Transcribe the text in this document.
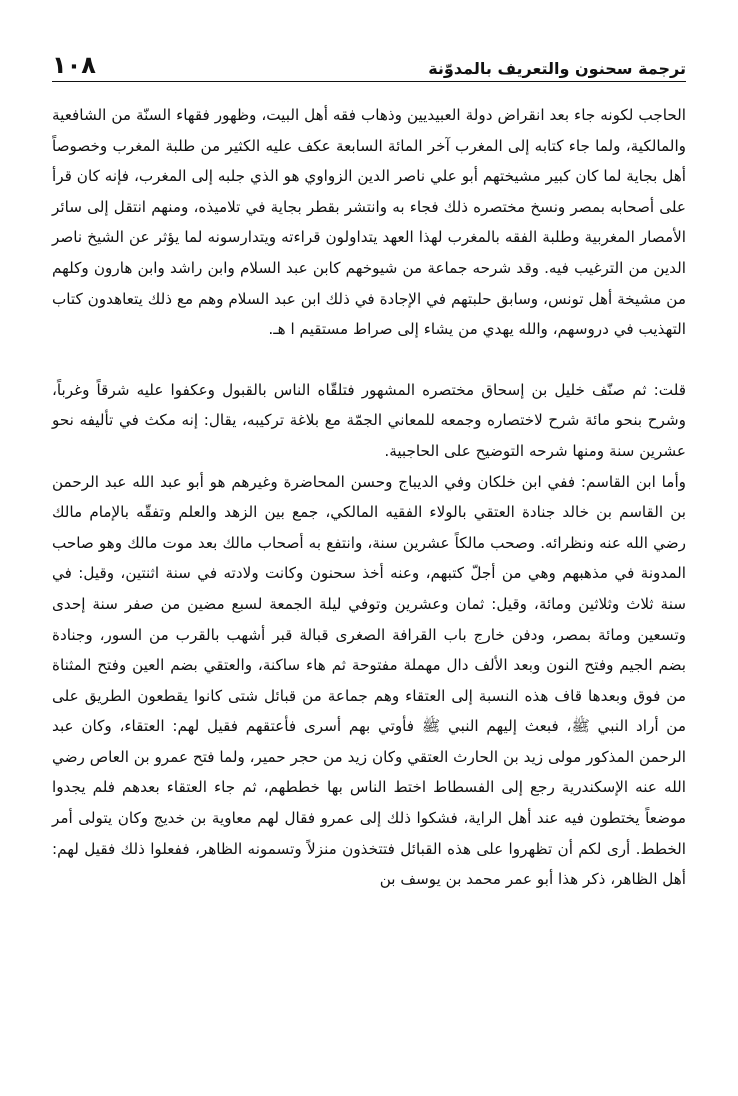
١٠٨	ترجمة سحنون والتعريف بالمدوّنة

الحاجب لكونه جاء بعد انقراض دولة العبيديين وذهاب فقه أهل البيت، وظهور فقهاء السنّة من الشافعية والمالكية، ولما جاء كتابه إلى المغرب آخر المائة السابعة عكف عليه الكثير من طلبة المغرب وخصوصاً أهل بجاية لما كان كبير مشيختهم أبو علي ناصر الدين الزواوي هو الذي جلبه إلى المغرب، فإنه كان قرأ على أصحابه بمصر ونسخ مختصره ذلك فجاء به وانتشر بقطر بجاية في تلاميذه، ومنهم انتقل إلى سائر الأمصار المغربية وطلبة الفقه بالمغرب لهذا العهد يتداولون قراءته ويتدارسونه لما يؤثر عن الشيخ ناصر الدين من الترغيب فيه. وقد شرحه جماعة من شيوخهم كابن عبد السلام وابن راشد وابن هارون وكلهم من مشيخة أهل تونس، وسابق حلبتهم في الإجادة في ذلك ابن عبد السلام وهم مع ذلك يتعاهدون كتاب التهذيب في دروسهم، والله يهدي من يشاء إلى صراط مستقيم ا هـ.

قلت: ثم صنّف خليل بن إسحاق مختصره المشهور فتلقّاه الناس بالقبول وعكفوا عليه شرقاً وغرباً، وشرح بنحو مائة شرح لاختصاره وجمعه للمعاني الجمّة مع بلاغة تركيبه، يقال: إنه مكث في تأليفه نحو عشرين سنة ومنها شرحه التوضيح على الحاجبية.

وأما ابن القاسم: ففي ابن خلكان وفي الديباج وحسن المحاضرة وغيرهم هو أبو عبد الله عبد الرحمن بن القاسم بن خالد جنادة العتقي بالولاء الفقيه المالكي، جمع بين الزهد والعلم وتفقّه بالإمام مالك رضي الله عنه ونظرائه. وصحب مالكاً عشرين سنة، وانتفع به أصحاب مالك بعد موت مالك وهو صاحب المدونة في مذهبهم وهي من أجلّ كتبهم، وعنه أخذ سحنون وكانت ولادته في سنة اثنتين، وقيل: في سنة ثلاث وثلاثين ومائة، وقيل: ثمان وعشرين وتوفي ليلة الجمعة لسبع مضين من صفر سنة إحدى وتسعين ومائة بمصر، ودفن خارج باب القرافة الصغرى قبالة قبر أشهب بالقرب من السور، وجنادة بضم الجيم وفتح النون وبعد الألف دال مهملة مفتوحة ثم هاء ساكنة، والعتقي بضم العين وفتح المثناة من فوق وبعدها قاف هذه النسبة إلى العتقاء وهم جماعة من قبائل شتى كانوا يقطعون الطريق على من أراد النبي ﷺ، فبعث إليهم النبي ﷺ فأوتي بهم أسرى فأعتقهم فقيل لهم: العتقاء، وكان عبد الرحمن المذكور مولى زيد بن الحارث العتقي وكان زيد من حجر حمير، ولما فتح عمرو بن العاص رضي الله عنه الإسكندرية رجع إلى الفسطاط اختط الناس بها خططهم، ثم جاء العتقاء بعدهم فلم يجدوا موضعاً يختطون فيه عند أهل الراية، فشكوا ذلك إلى عمرو فقال لهم معاوية بن خديج وكان يتولى أمر الخطط. أرى لكم أن تظهروا على هذه القبائل فتتخذون منزلاً وتسمونه الظاهر، ففعلوا ذلك فقيل لهم: أهل الظاهر، ذكر هذا أبو عمر محمد بن يوسف بن
